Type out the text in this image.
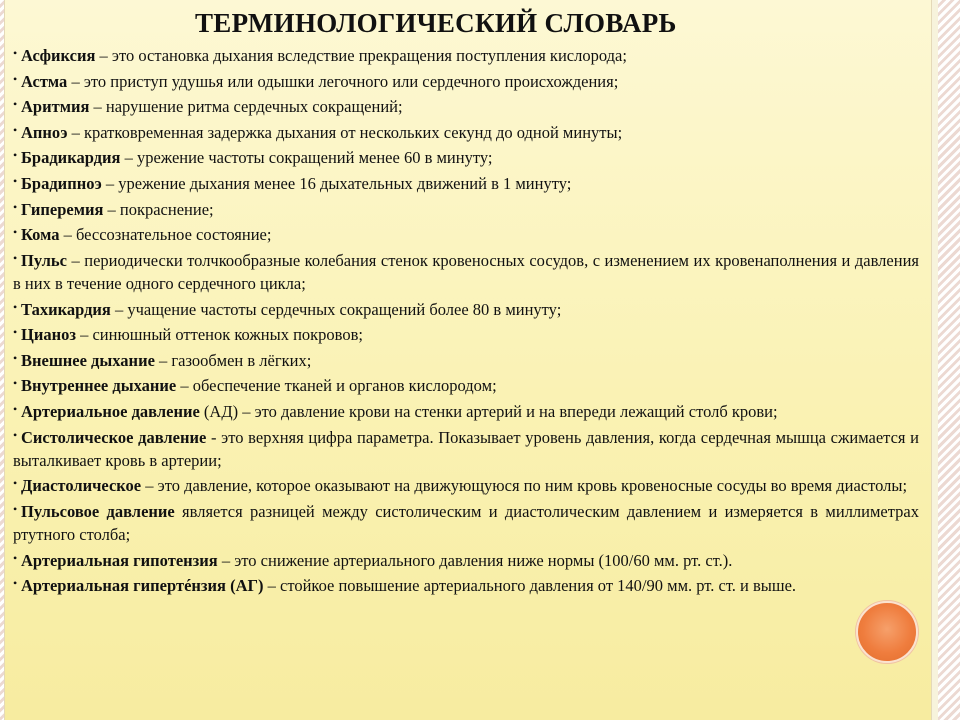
ТЕРМИНОЛОГИЧЕСКИЙ СЛОВАРЬ
• Асфиксия – это остановка дыхания вследствие прекращения поступления кислорода;
• Астма – это приступ удушья или одышки легочного или сердечного происхождения;
• Аритмия – нарушение ритма сердечных сокращений;
• Апноэ – кратковременная задержка дыхания от нескольких секунд до одной минуты;
• Брадикардия – урежение частоты сокращений менее 60 в минуту;
• Брадипноэ – урежение дыхания менее 16 дыхательных движений в 1 минуту;
• Гиперемия – покраснение;
• Кома – бессознательное состояние;
• Пульс – периодически толчкообразные колебания стенок кровеносных сосудов, с изменением их кровенаполнения и давления в них в течение одного сердечного цикла;
• Тахикардия – учащение частоты сердечных сокращений более 80 в минуту;
• Цианоз – синюшный оттенок кожных покровов;
• Внешнее дыхание – газообмен в лёгких;
• Внутреннее дыхание – обеспечение тканей и органов кислородом;
• Артериальное давление (АД) – это давление крови на стенки артерий и на впереди лежащий столб крови;
• Систолическое давление - это верхняя цифра параметра. Показывает уровень давления, когда сердечная мышца сжимается и выталкивает кровь в артерии;
• Диастолическое – это давление, которое оказывают на движующуюся по ним кровь кровеносные сосуды во время диастолы;
• Пульсовое давление является разницей между систолическим и диастолическим давлением и измеряется в миллиметрах ртутного столба;
• Артериальная гипотензия – это снижение артериального давления ниже нормы (100/60 мм. рт. ст.).
• Артериальная гипертéнзия (АГ) – стойкое повышение артериального давления от 140/90 мм. рт. ст. и выше.
